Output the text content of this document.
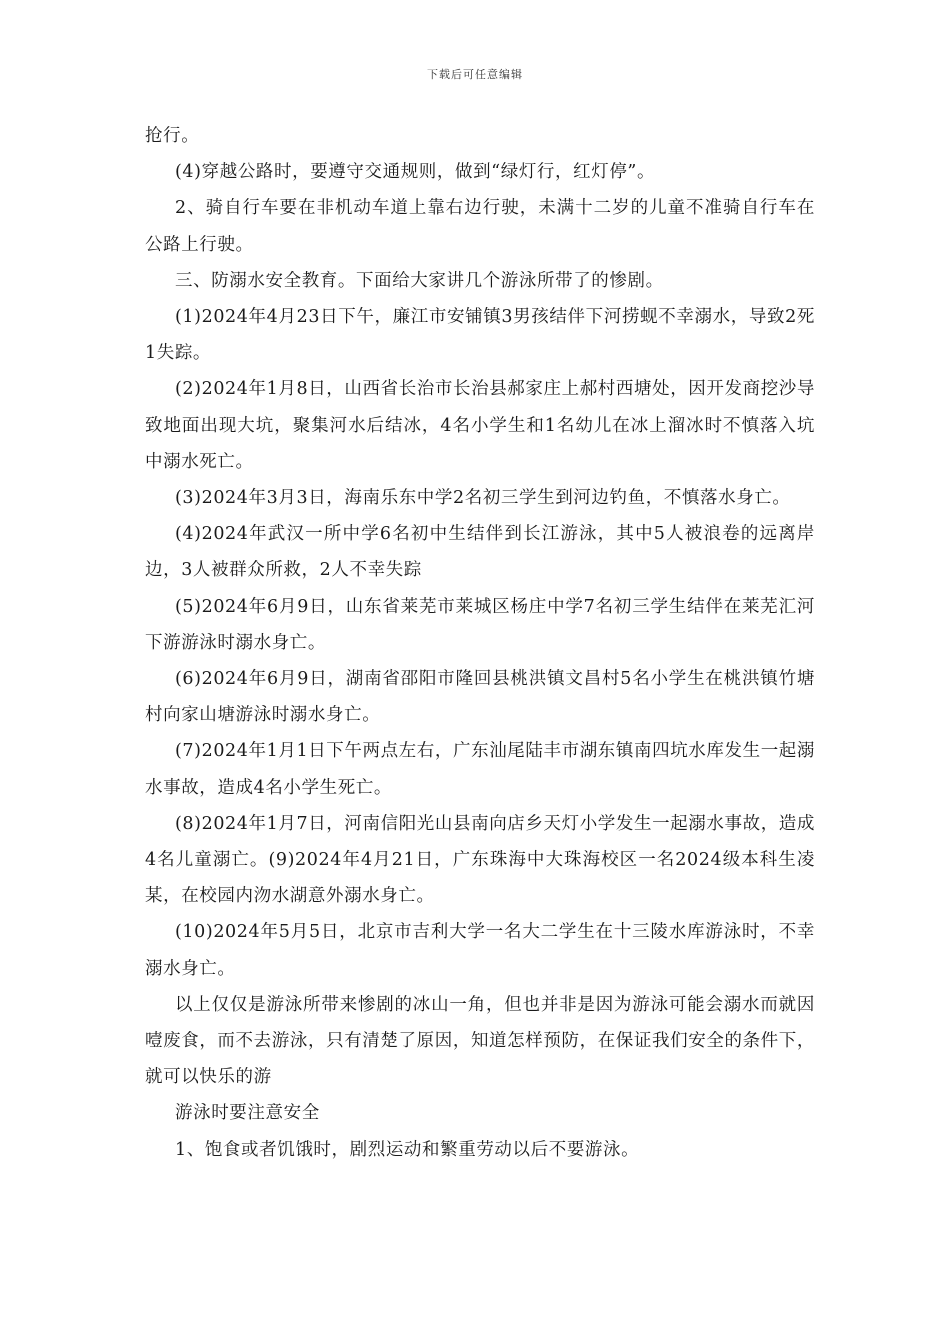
下载后可任意编辑

抢行。

(4)穿越公路时，要遵守交通规则，做到“绿灯行，红灯停”。

2、骑自行车要在非机动车道上靠右边行驶，未满十二岁的儿童不准骑自行车在公路上行驶。

三、防溺水安全教育。下面给大家讲几个游泳所带了的惨剧。

(1)2024年4月23日下午，廉江市安铺镇3男孩结伴下河捞蚬不幸溺水，导致2死1失踪。

(2)2024年1月8日，山西省长治市长治县郝家庄上郝村西塘处，因开发商挖沙导致地面出现大坑，聚集河水后结冰，4名小学生和1名幼儿在冰上溜冰时不慎落入坑中溺水死亡。

(3)2024年3月3日，海南乐东中学2名初三学生到河边钓鱼，不慎落水身亡。

(4)2024年武汉一所中学6名初中生结伴到长江游泳，其中5人被浪卷的远离岸边，3人被群众所救，2人不幸失踪

(5)2024年6月9日，山东省莱芜市莱城区杨庄中学7名初三学生结伴在莱芜汇河下游游泳时溺水身亡。

(6)2024年6月9日，湖南省邵阳市隆回县桃洪镇文昌村5名小学生在桃洪镇竹塘村向家山塘游泳时溺水身亡。

(7)2024年1月1日下午两点左右，广东汕尾陆丰市湖东镇南四坑水库发生一起溺水事故，造成4名小学生死亡。

(8)2024年1月7日，河南信阳光山县南向店乡天灯小学发生一起溺水事故，造成4名儿童溺亡。(9)2024年4月21日，广东珠海中大珠海校区一名2024级本科生凌某，在校园内沕水湖意外溺水身亡。

(10)2024年5月5日，北京市吉利大学一名大二学生在十三陵水库游泳时，不幸溺水身亡。

以上仅仅是游泳所带来惨剧的冰山一角，但也并非是因为游泳可能会溺水而就因噎废食，而不去游泳，只有清楚了原因，知道怎样预防，在保证我们安全的条件下，就可以快乐的游

游泳时要注意安全

1、饱食或者饥饿时，剧烈运动和繁重劳动以后不要游泳。
